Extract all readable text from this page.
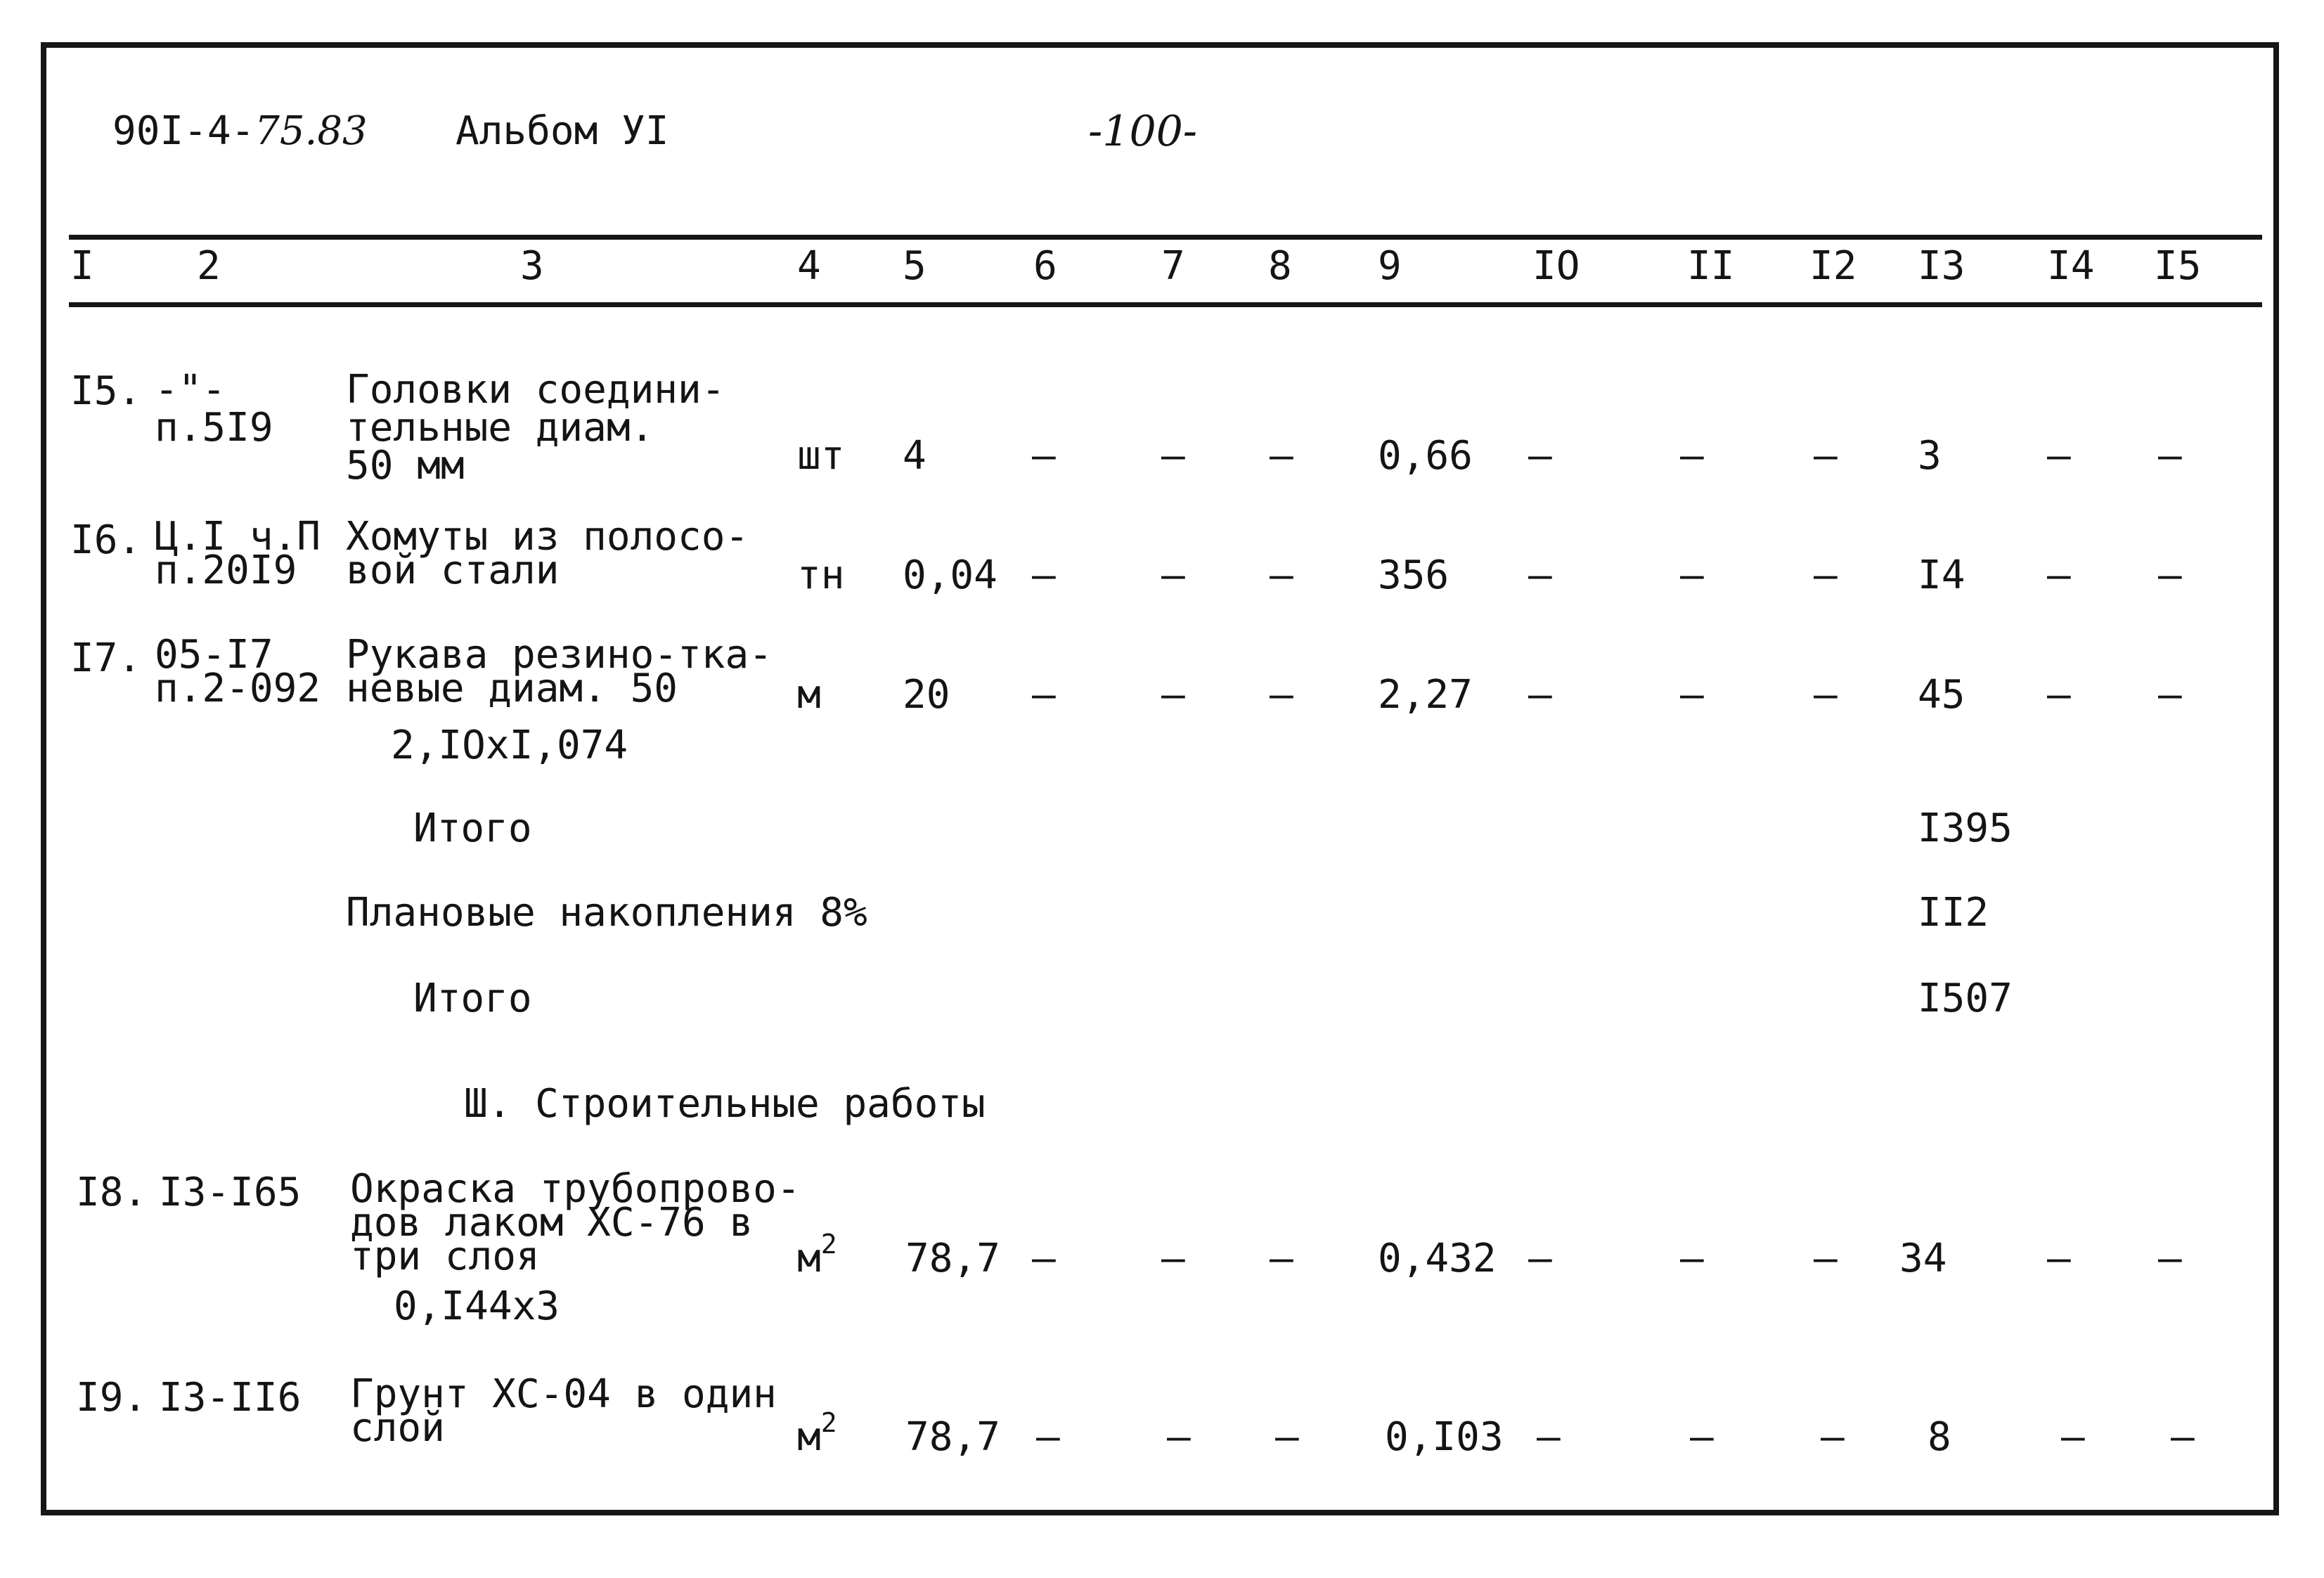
90I-4-75.83 Альбом УI	-100-
I	2	3	4 5	6	7 8 9	IO	II I2 I3 I4 I5
I5. -"-
п.5I9
Головки соедини-
тельные диам.
50 мм	шт 4	–	– – 0,66 –	–	– 3	– –
I6. Ц.I ч.П
п.20I9
Хомуты из полосо-
вой стали	тн 0,04 –	– – 356 –	–	– I4 – –
I7. 05-I7
п.2-092
Рукава резино-тка-
невые диам. 50
2,IOxI,074
м 20 –	– – 2,27 –	–	– 45 – –
Итого	I395
Плановые накопления 8%	II2
Итого	I507
Ш. Строительные работы
I8. I3-I65 Окраска трубопрово-
дов лаком ХС-76 в
три слоя
0,I44x3
$м^2$ 78,7 –	– – 0,432 –	–	– 34	– –
I9. I3-II6 Грунт ХС-04 в один
слой	$м^2$ 78,7 –	– – 0,I03 –	–	– 8	– –
